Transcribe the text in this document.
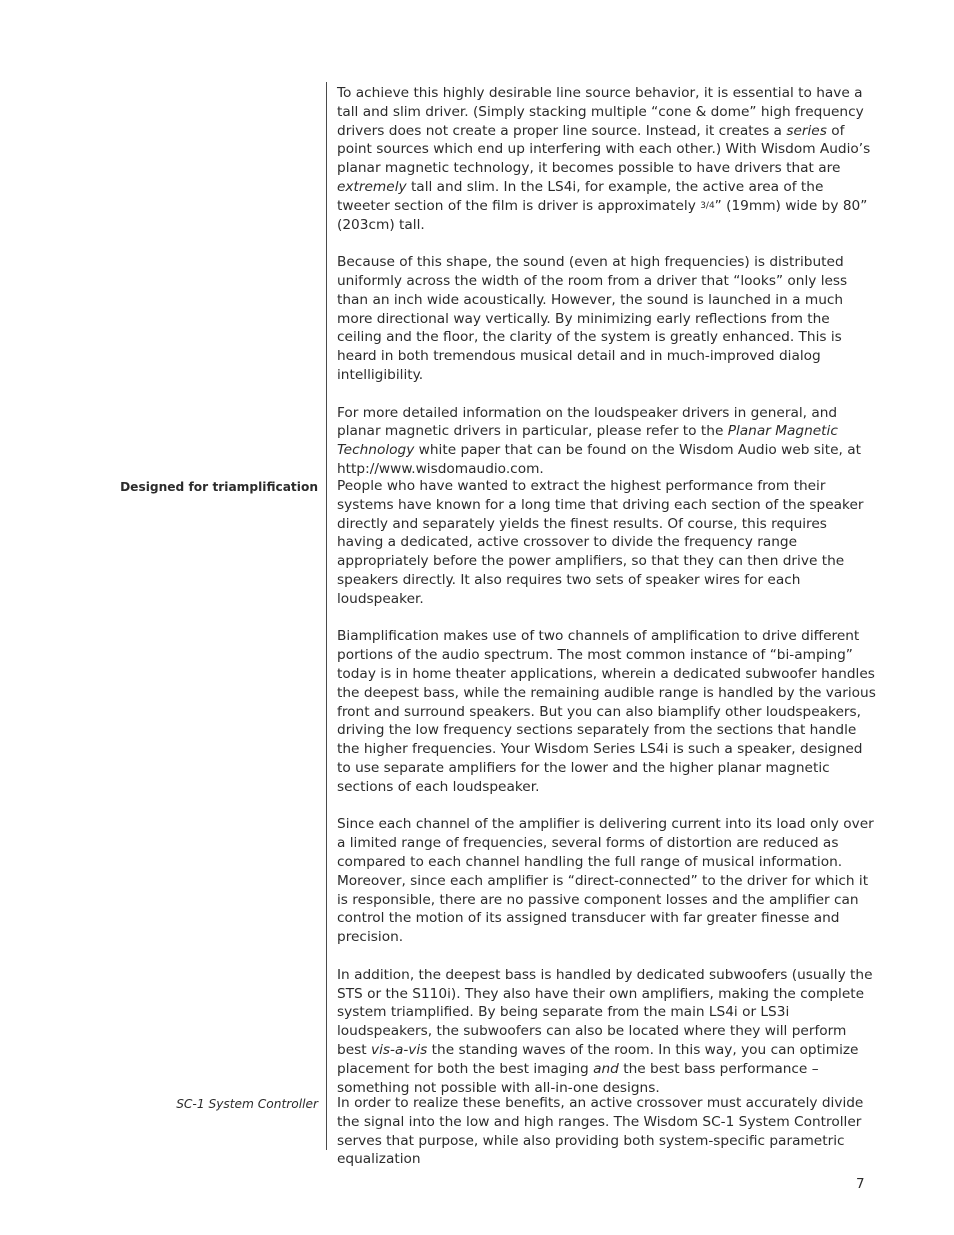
To achieve this highly desirable line source behavior, it is essential to have a tall and slim driver. (Simply stacking multiple “cone & dome” high frequency drivers does not create a proper line source. Instead, it creates a series of point sources which end up interfering with each other.) With Wisdom Audio’s planar magnetic technology, it becomes possible to have drivers that are extremely tall and slim. In the LS4i, for example, the active area of the tweeter section of the film is driver is approximately 3/4” (19mm) wide by 80” (203cm) tall.

Because of this shape, the sound (even at high frequencies) is distributed uniformly across the width of the room from a driver that “looks” only less than an inch wide acoustically. However, the sound is launched in a much more directional way vertically. By minimizing early reflections from the ceiling and the floor, the clarity of the system is greatly enhanced. This is heard in both tremendous musical detail and in much-improved dialog intelligibility.

For more detailed information on the loudspeaker drivers in general, and planar magnetic drivers in particular, please refer to the Planar Magnetic Technology white paper that can be found on the Wisdom Audio web site, at http://www.wisdomaudio.com.

Designed for triamplification People who have wanted to extract the highest performance from their systems have known for a long time that driving each section of the speaker directly and separately yields the finest results. Of course, this requires having a dedicated, active crossover to divide the frequency range appropriately before the power amplifiers, so that they can then drive the speakers directly. It also requires two sets of speaker wires for each loudspeaker.

Biamplification makes use of two channels of amplification to drive different portions of the audio spectrum. The most common instance of “bi-amping” today is in home theater applications, wherein a dedicated subwoofer handles the deepest bass, while the remaining audible range is handled by the various front and surround speakers. But you can also biamplify other loudspeakers, driving the low frequency sections separately from the sections that handle the higher frequencies. Your Wisdom Series LS4i is such a speaker, designed to use separate amplifiers for the lower and the higher planar magnetic sections of each loudspeaker.

Since each channel of the amplifier is delivering current into its load only over a limited range of frequencies, several forms of distortion are reduced as compared to each channel handling the full range of musical information. Moreover, since each amplifier is “direct-connected” to the driver for which it is responsible, there are no passive component losses and the amplifier can control the motion of its assigned transducer with far greater finesse and precision.

In addition, the deepest bass is handled by dedicated subwoofers (usually the STS or the S110i). They also have their own amplifiers, making the complete system triamplified. By being separate from the main LS4i or LS3i loudspeakers, the subwoofers can also be located where they will perform best vis-a-vis the standing waves of the room. In this way, you can optimize placement for both the best imaging and the best bass performance – something not possible with all-in-one designs.

SC-1 System Controller In order to realize these benefits, an active crossover must accurately divide the signal into the low and high ranges. The Wisdom SC-1 System Controller serves that purpose, while also providing both system-specific parametric equalization

7
